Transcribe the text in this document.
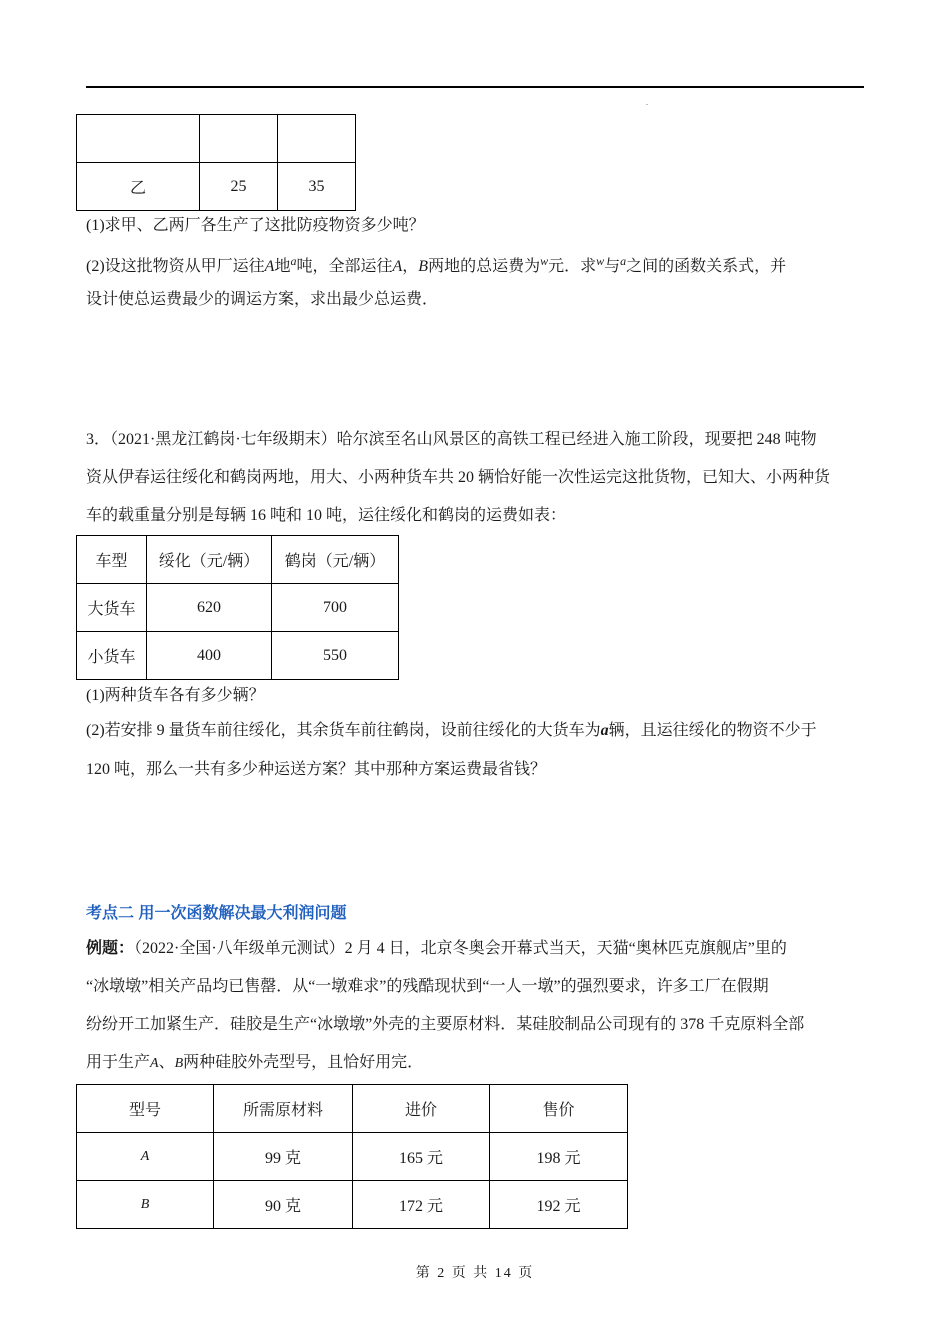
.

乙	25	35
(1)求甲、乙两厂各生产了这批防疫物资多少吨？
(2)设这批物资从甲厂运往A地$^a$吨，全部运往A，B两地的总运费为$^w$元．求$^w$与$^a$之间的函数关系式，并
设计使总运费最少的调运方案，求出最少总运费．
3．（2021·黑龙江鹤岗·七年级期末）哈尔滨至名山风景区的高铁工程已经进入施工阶段，现要把 248 吨物
资从伊春运往绥化和鹤岗两地，用大、小两种货车共 20 辆恰好能一次性运完这批货物，已知大、小两种货
车的载重量分别是每辆 16 吨和 10 吨，运往绥化和鹤岗的运费如表：
车型	绥化（元/辆）	鹤岗（元/辆）
大货车	620	700
小货车	400	550
(1)两种货车各有多少辆？
(2)若安排 9 量货车前往绥化，其余货车前往鹤岗，设前往绥化的大货车为a辆，且运往绥化的物资不少于
120 吨，那么一共有多少种运送方案？其中那种方案运费最省钱？
考点二 用一次函数解决最大利润问题
例题：（2022·全国·八年级单元测试）2 月 4 日，北京冬奥会开幕式当天，天猫“奥林匹克旗舰店”里的
“冰墩墩”相关产品均已售罄．从“一墩难求”的残酷现状到“一人一墩”的强烈要求，许多工厂在假期
纷纷开工加紧生产．硅胶是生产“冰墩墩”外壳的主要原材料．某硅胶制品公司现有的 378 千克原料全部
用于生产A、B两种硅胶外壳型号，且恰好用完．
型号	所需原材料	进价	售价
A	99 克	165 元	198 元
B	90 克	172 元	192 元
第 2 页 共 14 页
